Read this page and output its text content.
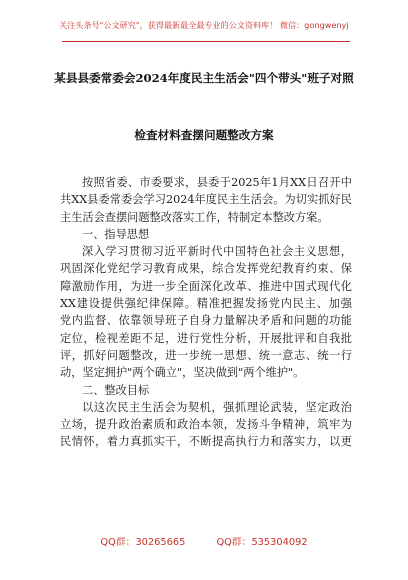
关注头条号"公文研究"，获得最新最全最专业的公文资料库！ 微信：gongwenyj
某县县委常委会2024年度民主生活会"四个带头"班子对照
检查材料查摆问题整改方案
按照省委、市委要求，县委于2025年1月XX日召开中
共XX县委常委会学习2024年度民主生活会。为切实抓好民
主生活会查摆问题整改落实工作，特制定本整改方案。
一、指导思想
深入学习贯彻习近平新时代中国特色社会主义思想，
巩固深化党纪学习教育成果，综合发挥党纪教育约束、保
障激励作用，为进一步全面深化改革、推进中国式现代化
XX建设提供强纪律保障。精准把握发扬党内民主、加强
党内监督、依靠领导班子自身力量解决矛盾和问题的功能
定位，检视差距不足，进行党性分析，开展批评和自我批
评，抓好问题整改，进一步统一思想、统一意志、统一行
动，坚定拥护"两个确立"，坚决做到"两个维护"。
二、整改目标
以这次民主生活会为契机，强抓理论武装，坚定政治
立场，提升政治素质和政治本领，发扬斗争精神，筑牢为
民情怀，着力真抓实干，不断提高执行力和落实力，以更
QQ群：30265665	QQ群：535304092
